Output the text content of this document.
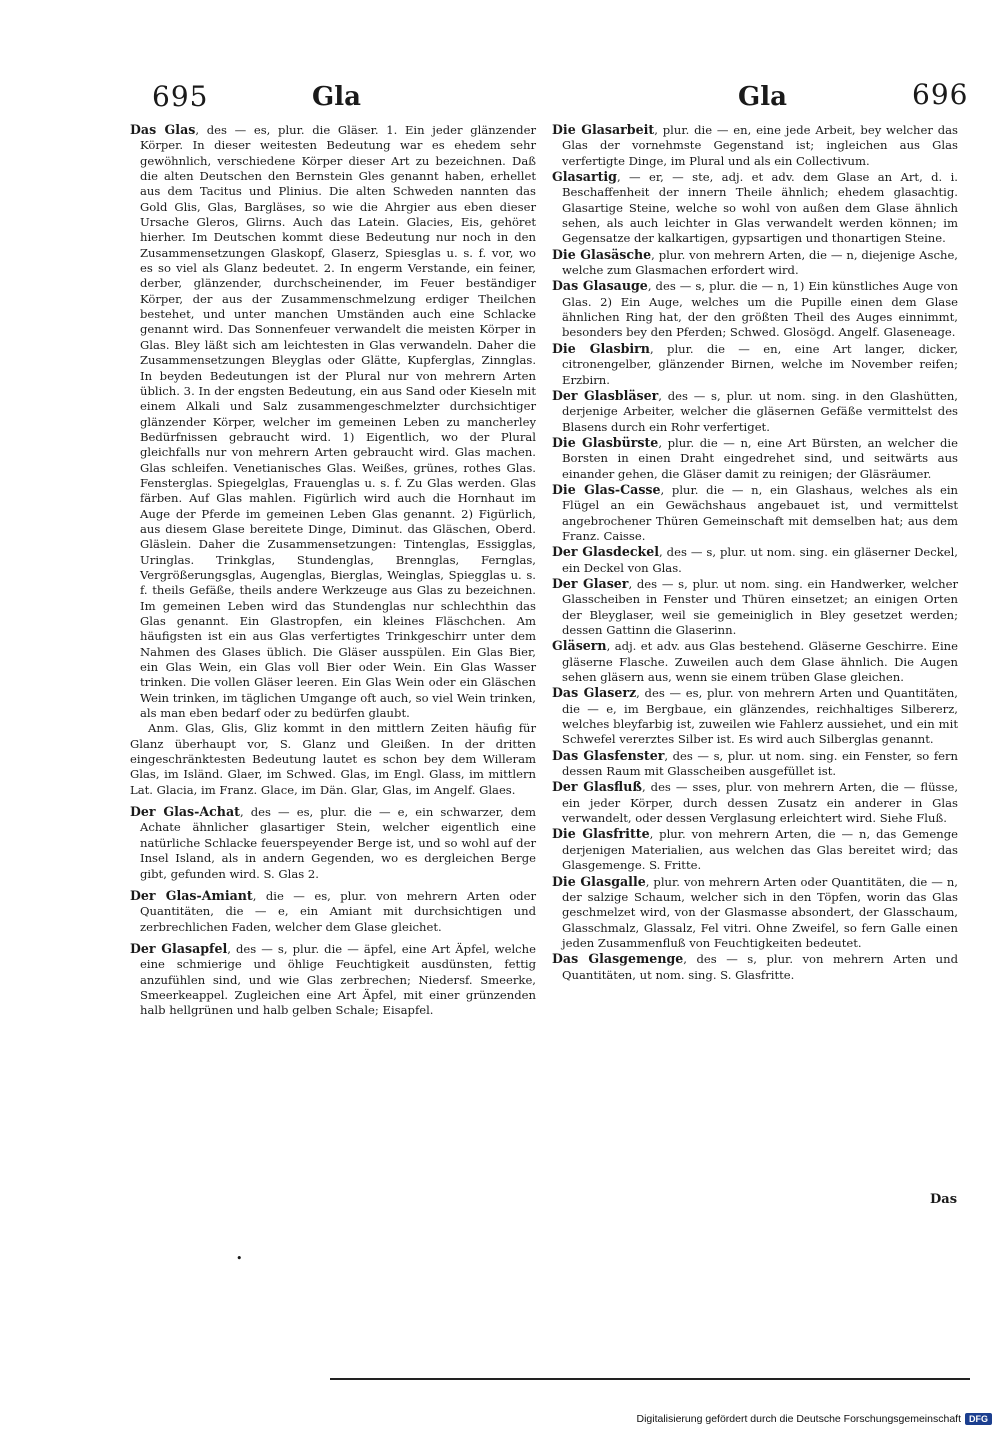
695	Gla	Gla	696

Das Glas, des — es, plur. die Gläser. 1. Ein jeder glänzender Körper. In dieser weitesten Bedeutung war es ehedem sehr gewöhnlich, verschiedene Körper dieser Art zu bezeichnen. Daß die alten Deutschen den Bernstein Gles genannt haben, erhellet aus dem Tacitus und Plinius. Die alten Schweden nannten das Gold Glis, Glas, Bargläses, so wie die Ahrgier aus eben dieser Ursache Gleros, Glirns. Auch das Latein. Glacies, Eis, gehöret hierher. Im Deutschen kommt diese Bedeutung nur noch in den Zusammensetzungen Glaskopf, Glaserz, Spiesglas u. s. f. vor, wo es so viel als Glanz bedeutet. 2. In engerm Verstande, ein feiner, derber, glänzender, durchscheinender, im Feuer beständiger Körper, der aus der Zusammenschmelzung erdiger Theilchen bestehet, und unter manchen Umständen auch eine Schlacke genannt wird. Das Sonnenfeuer verwandelt die meisten Körper in Glas. Bley läßt sich am leichtesten in Glas verwandeln. Daher die Zusammensetzungen Bleyglas oder Glätte, Kupferglas, Zinnglas. In beyden Bedeutungen ist der Plural nur von mehrern Arten üblich. 3. In der engsten Bedeutung, ein aus Sand oder Kieseln mit einem Alkali und Salz zusammengeschmelzter durchsichtiger glänzender Körper, welcher im gemeinen Leben zu mancherley Bedürfnissen gebraucht wird. 1) Eigentlich, wo der Plural gleichfalls nur von mehrern Arten gebraucht wird. Glas machen. Glas schleifen. Venetianisches Glas. Weißes, grünes, rothes Glas. Fensterglas. Spiegelglas, Frauenglas u. s. f. Zu Glas werden. Glas färben. Auf Glas mahlen. Figürlich wird auch die Hornhaut im Auge der Pferde im gemeinen Leben Glas genannt. 2) Figürlich, aus diesem Glase bereitete Dinge, Diminut. das Gläschen, Oberd. Gläslein. Daher die Zusammensetzungen: Tintenglas, Essigglas, Uringlas. Trinkglas, Stundenglas, Brennglas, Fernglas, Vergrößerungsglas, Augenglas, Bierglas, Weinglas, Spiegglas u. s. f. theils Gefäße, theils andere Werkzeuge aus Glas zu bezeichnen. Im gemeinen Leben wird das Stundenglas nur schlechthin das Glas genannt. Ein Glastropfen, ein kleines Fläschchen. Am häufigsten ist ein aus Glas verfertigtes Trinkgeschirr unter dem Nahmen des Glases üblich. Die Gläser ausspülen. Ein Glas Bier, ein Glas Wein, ein Glas voll Bier oder Wein. Ein Glas Wasser trinken. Die vollen Gläser leeren. Ein Glas Wein oder ein Gläschen Wein trinken, im täglichen Umgange oft auch, so viel Wein trinken, als man eben bedarf oder zu bedürfen glaubt.

Anm. Glas, Glis, Gliz kommt in den mittlern Zeiten häufig für Glanz überhaupt vor, S. Glanz und Gleißen. In der dritten eingeschränktesten Bedeutung lautet es schon bey dem Willeram Glas, im Isländ. Glaer, im Schwed. Glas, im Engl. Glass, im mittlern Lat. Glacia, im Franz. Glace, im Dän. Glar, Glas, im Angelf. Glaes.

Der Glas-Achat, des — es, plur. die — e, ein schwarzer, dem Achate ähnlicher glasartiger Stein, welcher eigentlich eine natürliche Schlacke feuerspeyender Berge ist, und so wohl auf der Insel Island, als in andern Gegenden, wo es dergleichen Berge gibt, gefunden wird. S. Glas 2.

Der Glas-Amiant, die — es, plur. von mehrern Arten oder Quantitäten, die — e, ein Amiant mit durchsichtigen und zerbrechlichen Faden, welcher dem Glase gleichet.

Der Glasapfel, des — s, plur. die — äpfel, eine Art Äpfel, welche eine schmierige und öhlige Feuchtigkeit ausdünsten, fettig anzufühlen sind, und wie Glas zerbrechen; Niedersf. Smeerke, Smeerkeappel. Zugleichen eine Art Äpfel, mit einer grünzenden halb hellgrünen und halb gelben Schale; Eisapfel.

Die Glasarbeit, plur. die — en, eine jede Arbeit, bey welcher das Glas der vornehmste Gegenstand ist; ingleichen aus Glas verfertigte Dinge, im Plural und als ein Collectivum.

Glasartig, — er, — ste, adj. et adv. dem Glase an Art, d. i. Beschaffenheit der innern Theile ähnlich; ehedem glasachtig. Glasartige Steine, welche so wohl von außen dem Glase ähnlich sehen, als auch leichter in Glas verwandelt werden können; im Gegensatze der kalkartigen, gypsartigen und thonartigen Steine.

Die Glasäsche, plur. von mehrern Arten, die — n, diejenige Asche, welche zum Glasmachen erfordert wird.

Das Glasauge, des — s, plur. die — n, 1) Ein künstliches Auge von Glas. 2) Ein Auge, welches um die Pupille einen dem Glase ähnlichen Ring hat, der den größten Theil des Auges einnimmt, besonders bey den Pferden; Schwed. Glosögd. Angelf. Glaseneage.

Die Glasbirn, plur. die — en, eine Art langer, dicker, citronengelber, glänzender Birnen, welche im November reifen; Erzbirn.

Der Glasbläser, des — s, plur. ut nom. sing. in den Glashütten, derjenige Arbeiter, welcher die gläsernen Gefäße vermittelst des Blasens durch ein Rohr verfertiget.

Die Glasbürste, plur. die — n, eine Art Bürsten, an welcher die Borsten in einen Draht eingedrehet sind, und seitwärts aus einander gehen, die Gläser damit zu reinigen; der Gläsräumer.

Die Glas-Casse, plur. die — n, ein Glashaus, welches als ein Flügel an ein Gewächshaus angebauet ist, und vermittelst angebrochener Thüren Gemeinschaft mit demselben hat; aus dem Franz. Caisse.

Der Glasdeckel, des — s, plur. ut nom. sing. ein gläserner Deckel, ein Deckel von Glas.

Der Glaser, des — s, plur. ut nom. sing. ein Handwerker, welcher Glasscheiben in Fenster und Thüren einsetzet; an einigen Orten der Bleyglaser, weil sie gemeiniglich in Bley gesetzet werden; dessen Gattinn die Glaserinn.

Gläsern, adj. et adv. aus Glas bestehend. Gläserne Geschirre. Eine gläserne Flasche. Zuweilen auch dem Glase ähnlich. Die Augen sehen gläsern aus, wenn sie einem trüben Glase gleichen.

Das Glaserz, des — es, plur. von mehrern Arten und Quantitäten, die — e, im Bergbaue, ein glänzendes, reichhaltiges Silbererz, welches bleyfarbig ist, zuweilen wie Fahlerz aussiehet, und ein mit Schwefel vererztes Silber ist. Es wird auch Silberglas genannt.

Das Glasfenster, des — s, plur. ut nom. sing. ein Fenster, so fern dessen Raum mit Glasscheiben ausgefüllet ist.

Der Glasfluß, des — sses, plur. von mehrern Arten, die — flüsse, ein jeder Körper, durch dessen Zusatz ein anderer in Glas verwandelt, oder dessen Verglasung erleichtert wird. Siehe Fluß.

Die Glasfritte, plur. von mehrern Arten, die — n, das Gemenge derjenigen Materialien, aus welchen das Glas bereitet wird; das Glasgemenge. S. Fritte.

Die Glasgalle, plur. von mehrern Arten oder Quantitäten, die — n, der salzige Schaum, welcher sich in den Töpfen, worin das Glas geschmelzet wird, von der Glasmasse absondert, der Glasschaum, Glasschmalz, Glassalz, Fel vitri. Ohne Zweifel, so fern Galle einen jeden Zusammenfluß von Feuchtigkeiten bedeutet.

Das Glasgemenge, des — s, plur. von mehrern Arten und Quantitäten, ut nom. sing. S. Glasfritte.

Das
•
Digitalisierung gefördert durch die Deutsche Forschungsgemeinschaft DFG
